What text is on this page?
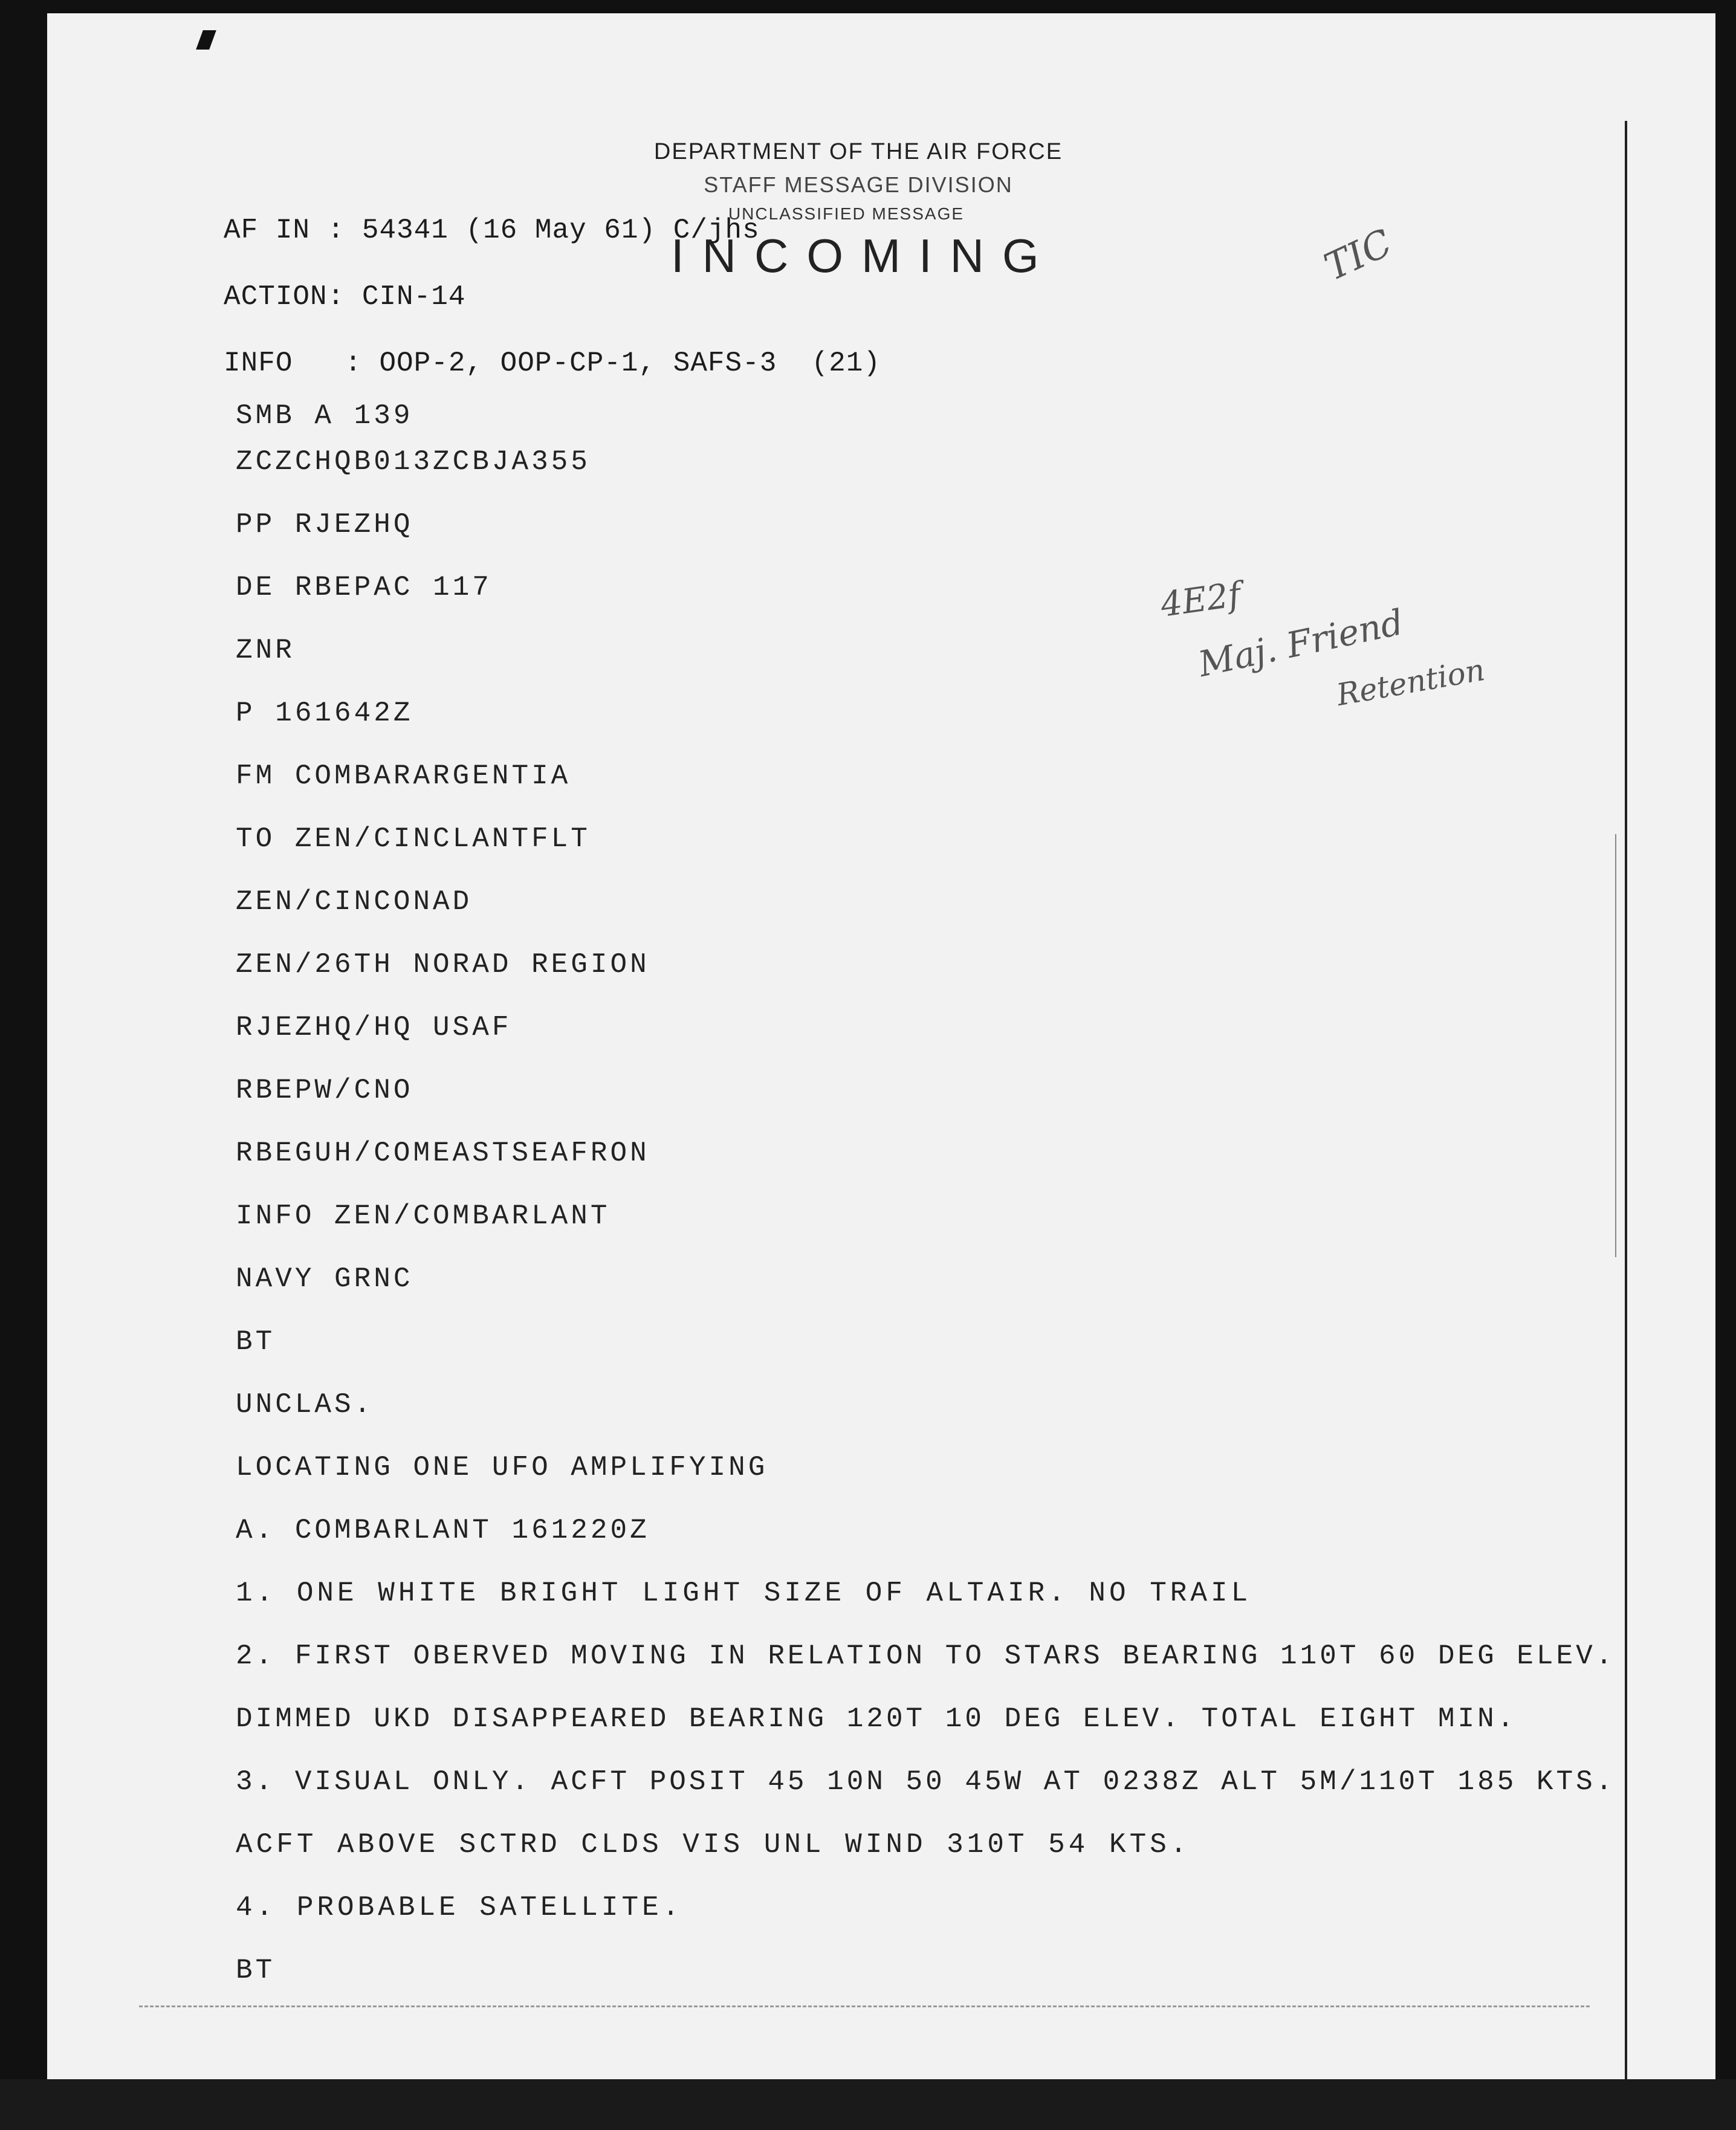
DEPARTMENT OF THE AIR FORCE
STAFF MESSAGE DIVISION
UNCLASSIFIED MESSAGE
INCOMING
AF IN : 54341 (16 May 61) C/jhs
ACTION: CIN-14
INFO   : OOP-2, OOP-CP-1, SAFS-3  (21)
TIC
4E2f
Maj. Friend
Retention
SMB A 139
ZCZCHQB013ZCBJA355
PP RJEZHQ
DE RBEPAC 117
ZNR
P 161642Z
FM COMBARARGENTIA
TO ZEN/CINCLANTFLT
ZEN/CINCONAD
ZEN/26TH NORAD REGION
RJEZHQ/HQ USAF
RBEPW/CNO
RBEGUH/COMEASTSEAFRON
INFO ZEN/COMBARLANT
NAVY GRNC
BT
UNCLAS.
LOCATING ONE UFO AMPLIFYING
A. COMBARLANT 161220Z
1. ONE WHITE BRIGHT LIGHT SIZE OF ALTAIR. NO TRAIL
2. FIRST OBERVED MOVING IN RELATION TO STARS BEARING 110T 60 DEG ELEV.
DIMMED UKD DISAPPEARED BEARING 120T 10 DEG ELEV. TOTAL EIGHT MIN.
3. VISUAL ONLY. ACFT POSIT 45 10N 50 45W AT 0238Z ALT 5M/110T 185 KTS.
ACFT ABOVE SCTRD CLDS VIS UNL WIND 310T 54 KTS.
4. PROBABLE SATELLITE.
BT
